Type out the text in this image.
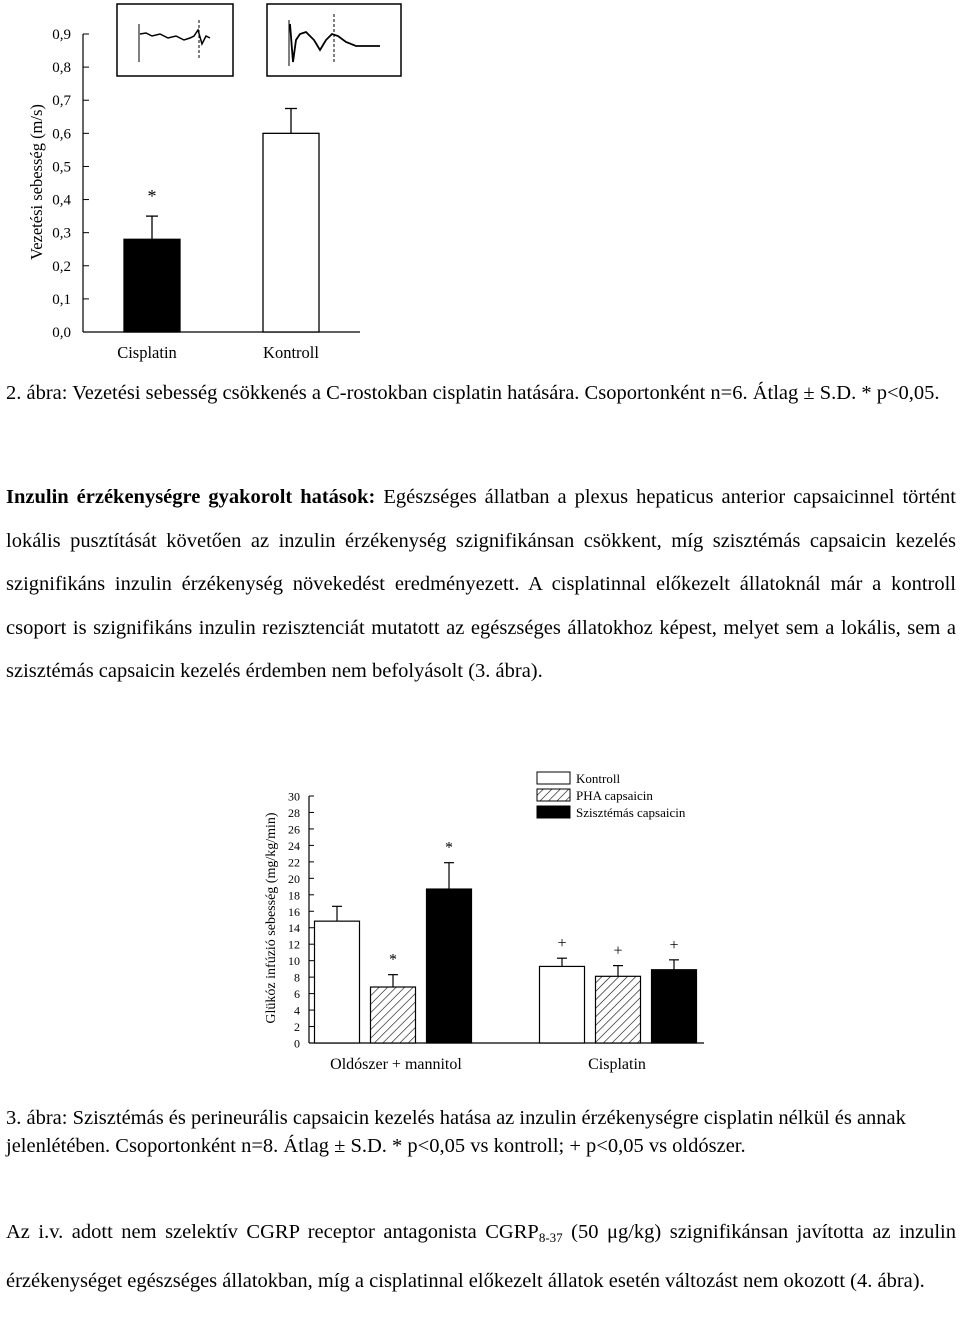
0,0
0,1
0,2
0,3
0,4
0,5
0,6
0,7
0,8
0,9
Cisplatin
*
Kontroll
Vezetési sebesség (m/s)
2. ábra: Vezetési sebesség csökkenés a C-rostokban cisplatin hatására. Csoportonként n=6. Átlag ± S.D. * p<0,05.
Inzulin érzékenységre gyakorolt hatások: Egészséges állatban a plexus hepaticus anterior capsaicinnel történt lokális pusztítását követően az inzulin érzékenység szignifikánsan csökkent, míg szisztémás capsaicin kezelés szignifikáns inzulin érzékenység növekedést eredményezett. A cisplatinnal előkezelt állatoknál már a kontroll csoport is szignifikáns inzulin rezisztenciát mutatott az egészséges állatokhoz képest, melyet sem a lokális, sem a szisztémás capsaicin kezelés érdemben nem befolyásolt (3. ábra).
0
2
4
6
8
10
12
14
16
18
20
22
24
26
28
30
Oldószer + mannitol
*
*
Cisplatin
+	+	+
Kontroll
PHA capsaicin
Szisztémás capsaicin
Glükóz infúzió sebesség (mg/kg/min)
3. ábra: Szisztémás és perineurális capsaicin kezelés hatása az inzulin érzékenységre cisplatin nélkül és annak jelenlétében. Csoportonként n=8. Átlag ± S.D. * p<0,05 vs kontroll; + p<0,05 vs oldószer.
Az i.v. adott nem szelektív CGRP receptor antagonista $CGRP_{8-37}$ (50 μg/kg) szignifikánsan javította az inzulin érzékenységet egészséges állatokban, míg a cisplatinnal előkezelt állatok esetén változást nem okozott (4. ábra).
